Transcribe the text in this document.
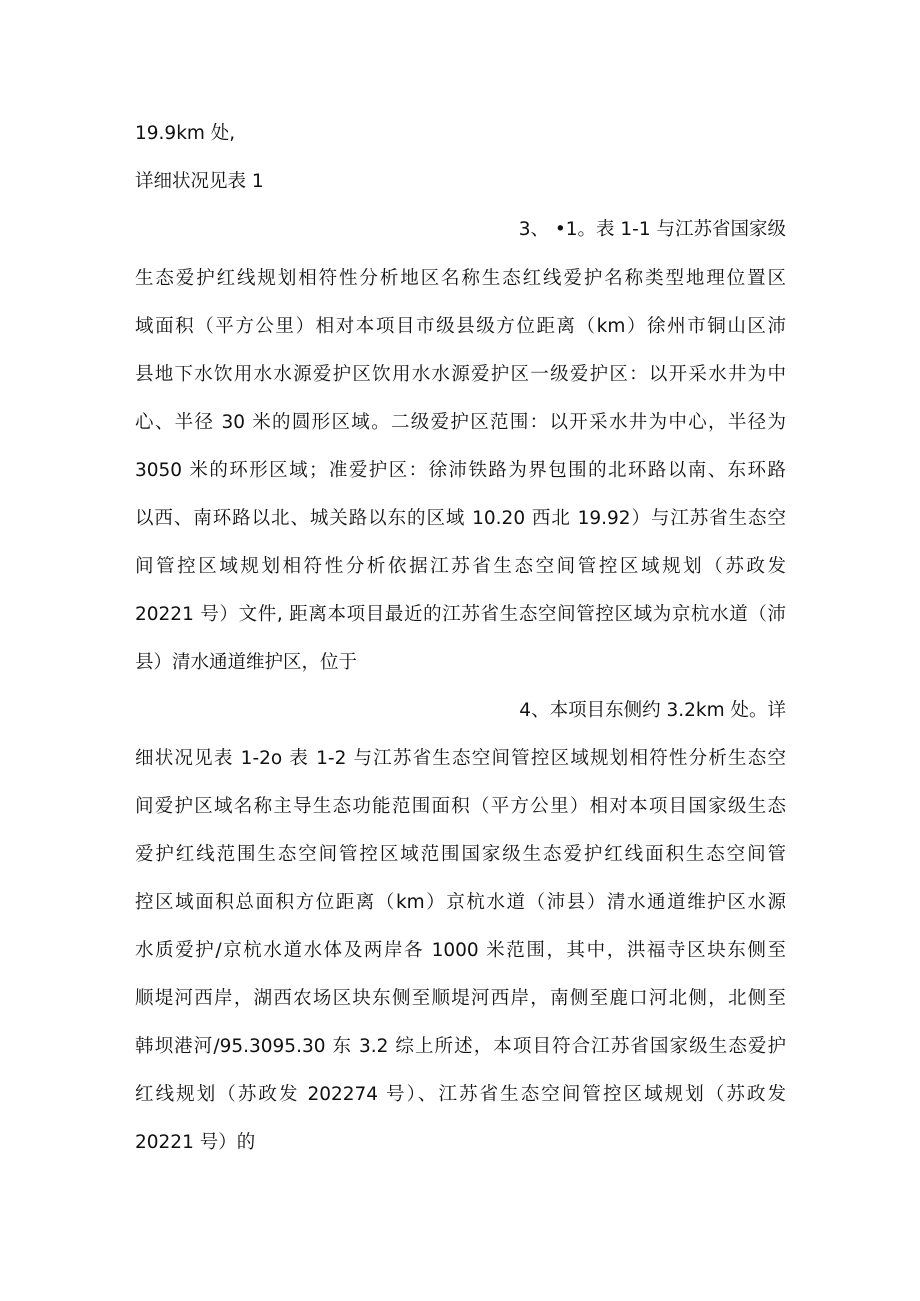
19.9km 处,
详细状况见表 1
3、 •1。表 1-1 与江苏省国家级
生态爱护红线规划相符性分析地区名称生态红线爱护名称类型地理位置区
域面积（平方公里）相对本项目市级县级方位距离（km）徐州市铜山区沛
县地下水饮用水水源爱护区饮用水水源爱护区一级爱护区：以开采水井为中
心、半径 30 米的圆形区域。二级爱护区范围：以开采水井为中心，半径为
3050 米的环形区域；准爱护区：徐沛铁路为界包围的北环路以南、东环路
以西、南环路以北、城关路以东的区域 10.20 西北 19.92）与江苏省生态空
间管控区域规划相符性分析依据江苏省生态空间管控区域规划（苏政发
20221 号）文件, 距离本项目最近的江苏省生态空间管控区域为京杭水道（沛
县）清水通道维护区，位于
4、本项目东侧约 3.2km 处。详
细状况见表 1-2o 表 1-2 与江苏省生态空间管控区域规划相符性分析生态空
间爱护区域名称主导生态功能范围面积（平方公里）相对本项目国家级生态
爱护红线范围生态空间管控区域范围国家级生态爱护红线面积生态空间管
控区域面积总面积方位距离（km）京杭水道（沛县）清水通道维护区水源
水质爱护/京杭水道水体及两岸各 1000 米范围，其中，洪福寺区块东侧至
顺堤河西岸，湖西农场区块东侧至顺堤河西岸，南侧至鹿口河北侧，北侧至
韩坝港河/95.3095.30 东 3.2 综上所述，本项目符合江苏省国家级生态爱护
红线规划（苏政发 202274 号）、江苏省生态空间管控区域规划（苏政发
20221 号）的
